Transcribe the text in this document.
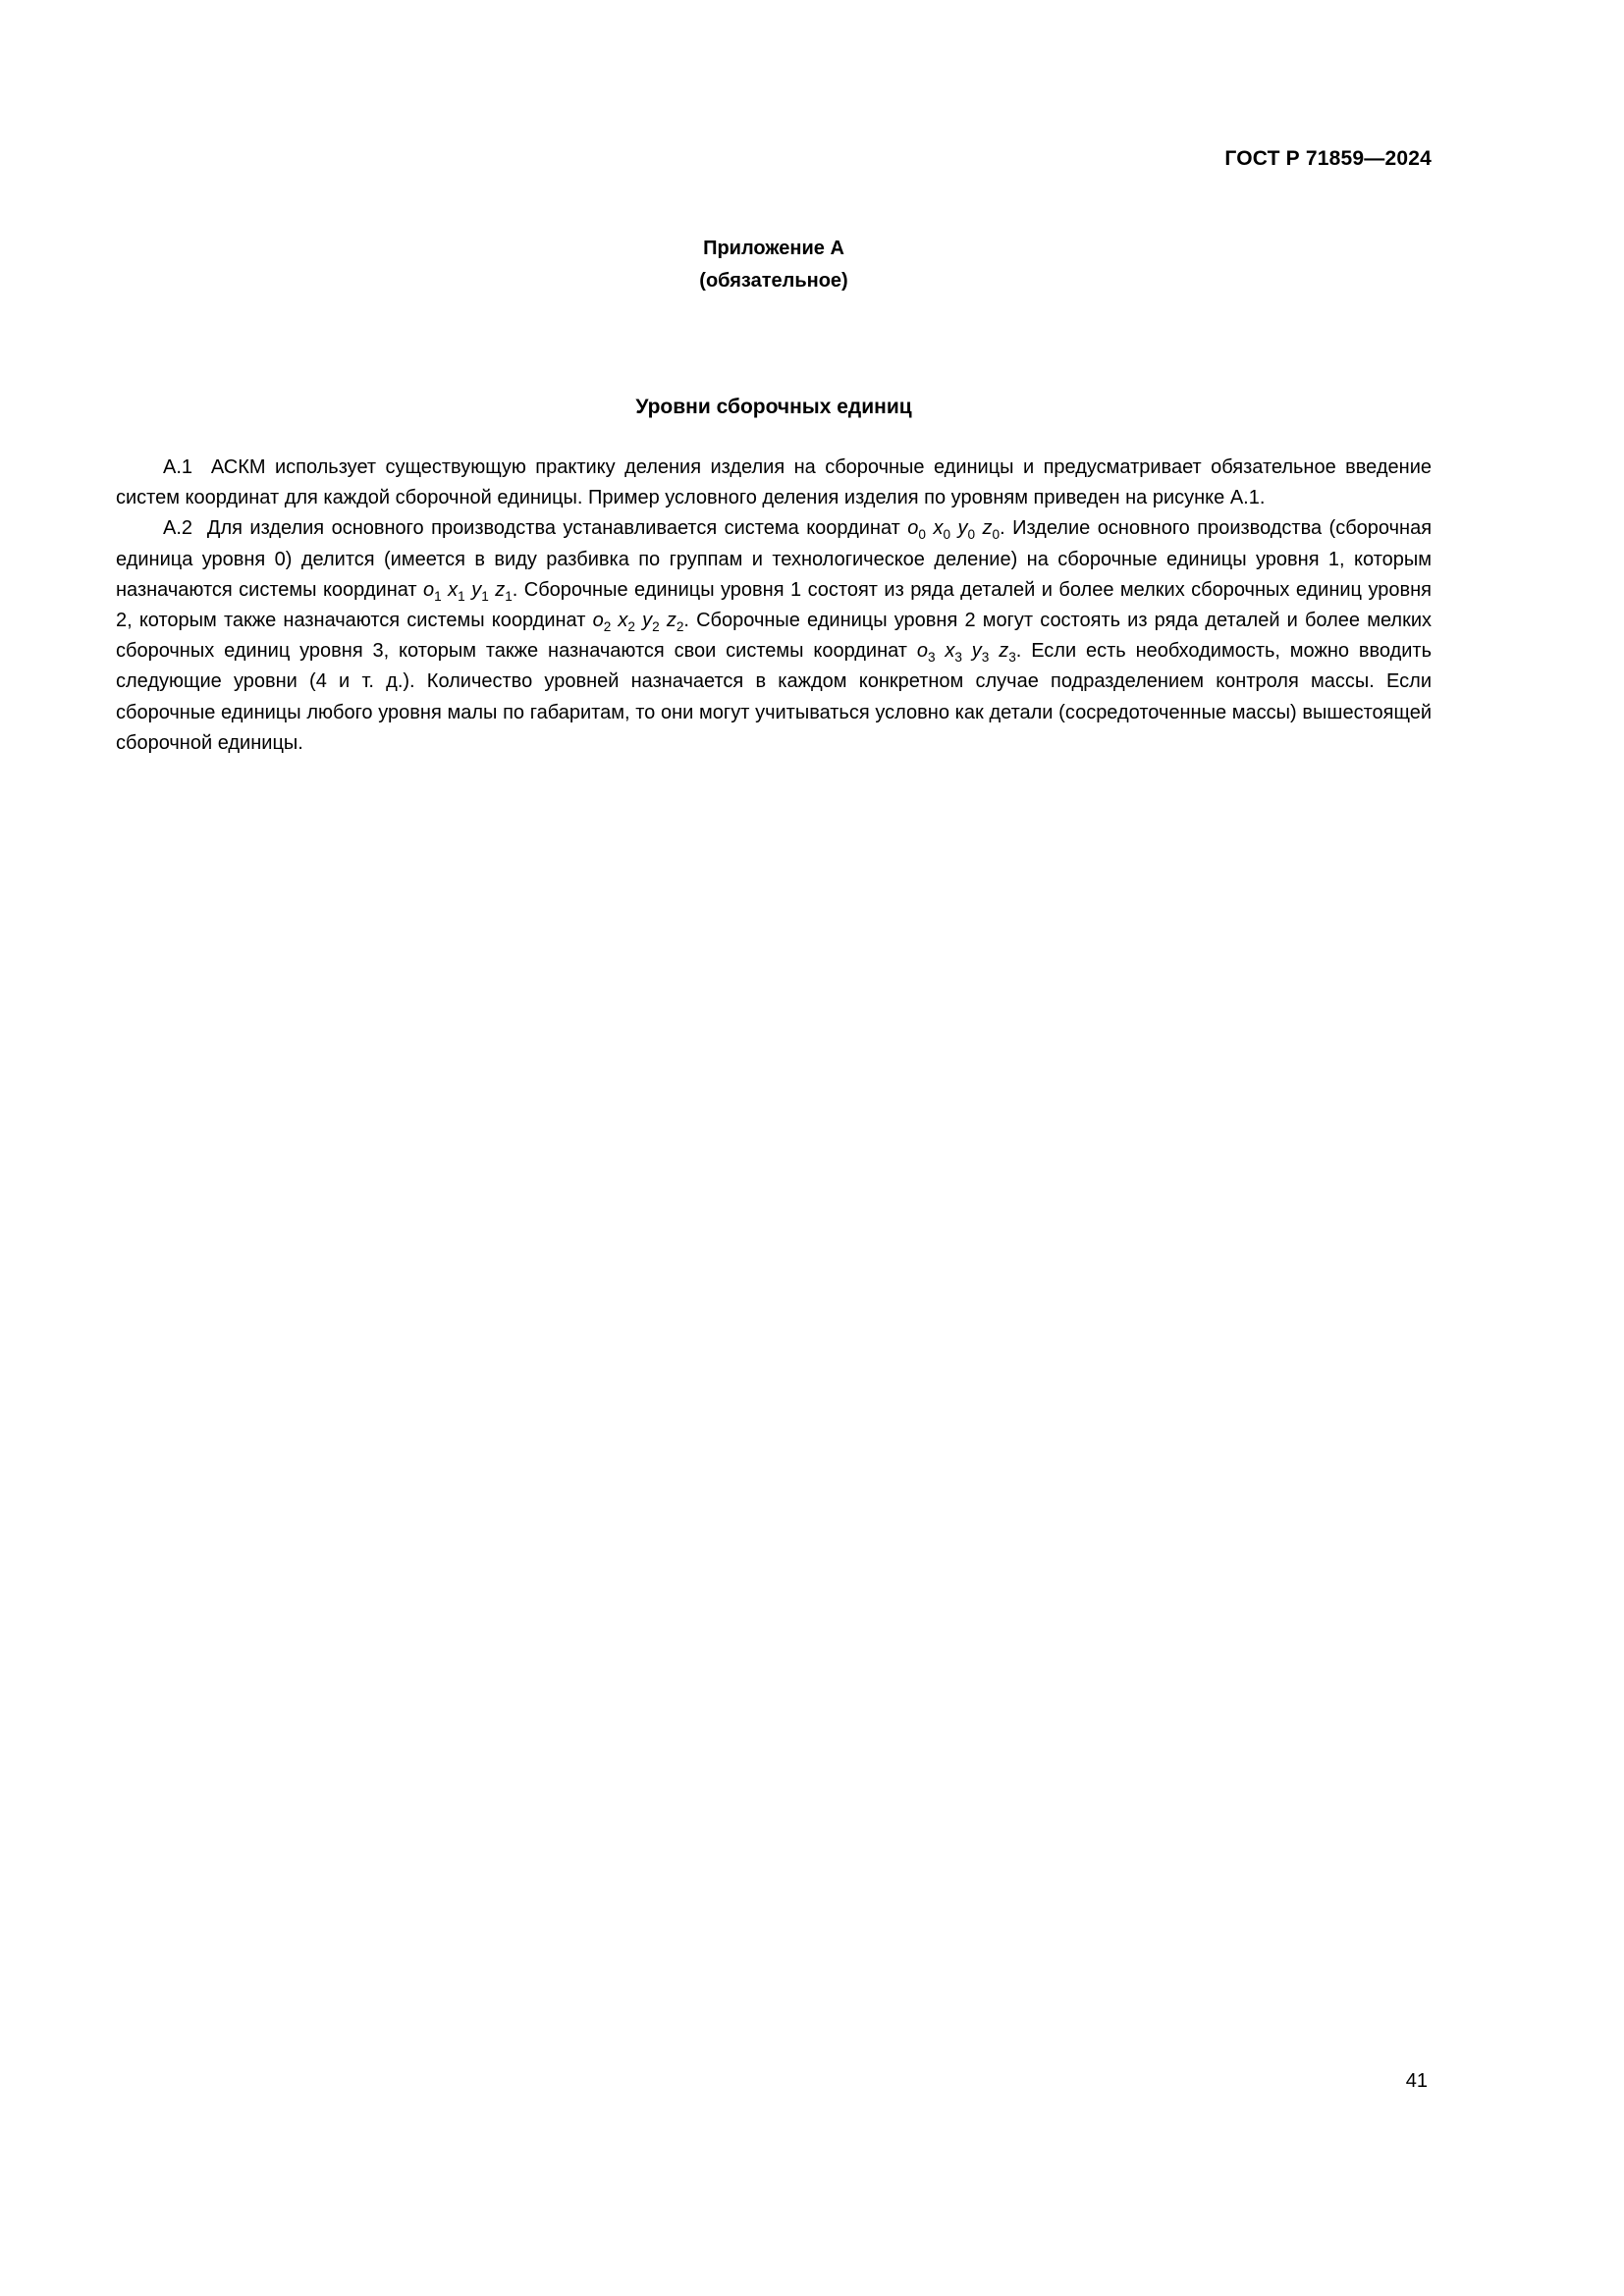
ГОСТ Р 71859—2024
Приложение А
(обязательное)
Уровни сборочных единиц

А.1  АСКМ использует существующую практику деления изделия на сборочные единицы и предусматривает обязательное введение систем координат для каждой сборочной единицы. Пример условного деления изделия по уровням приведен на рисунке А.1.

А.2  Для изделия основного производства устанавливается система координат $o_0$ $x_0$ $y_0$ $z_0$. Изделие основного производства (сборочная единица уровня 0) делится (имеется в виду разбивка по группам и технологическое деление) на сборочные единицы уровня 1, которым назначаются системы координат $o_1$ $x_1$ $y_1$ $z_1$. Сборочные единицы уровня 1 состоят из ряда деталей и более мелких сборочных единиц уровня 2, которым также назначаются системы координат $o_2$ $x_2$ $y_2$ $z_2$. Сборочные единицы уровня 2 могут состоять из ряда деталей и более мелких сборочных единиц уровня 3, которым также назначаются свои системы координат $o_3$ $x_3$ $y_3$ $z_3$. Если есть необходимость, можно вводить следующие уровни (4 и т. д.). Количество уровней назначается в каждом конкретном случае подразделением контроля массы. Если сборочные единицы любого уровня малы по габаритам, то они могут учитываться условно как детали (сосредоточенные массы) вышестоящей сборочной единицы.

41
